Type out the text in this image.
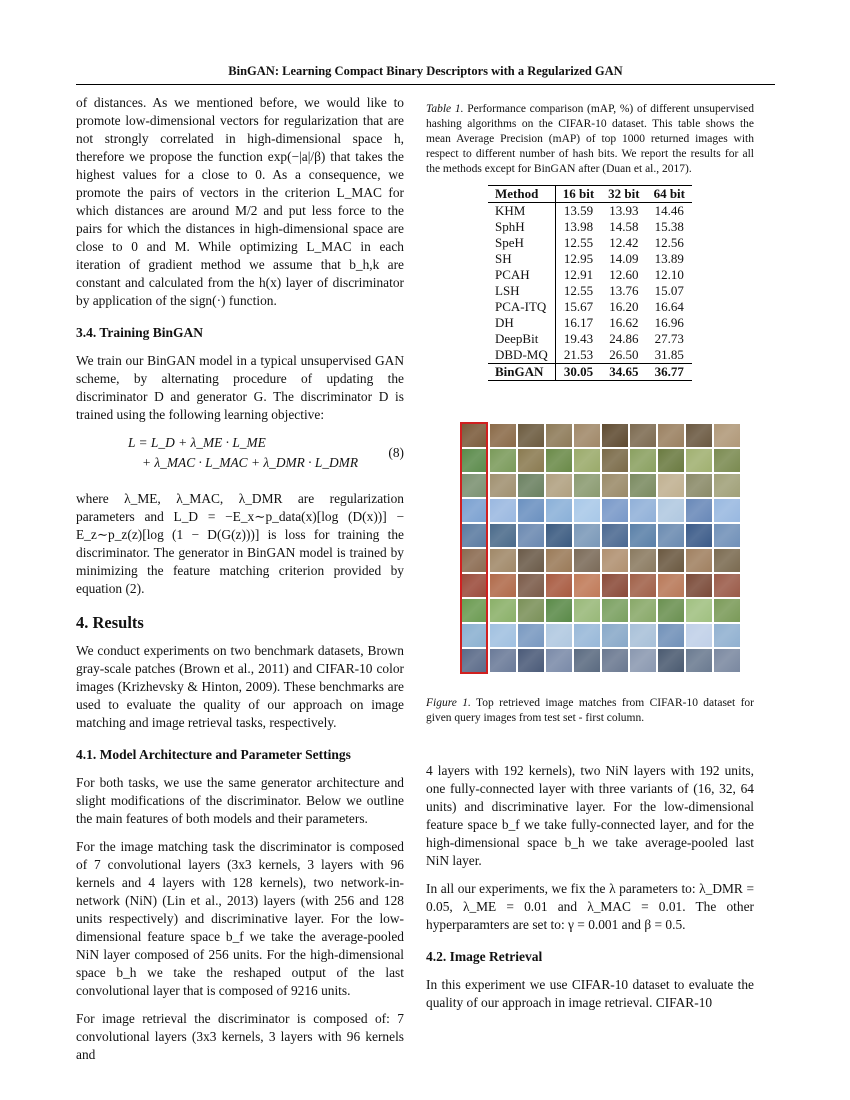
BinGAN: Learning Compact Binary Descriptors with a Regularized GAN

of distances. As we mentioned before, we would like to promote low-dimensional vectors for regularization that are not strongly correlated in high-dimensional space h, therefore we propose the function exp(−|a|/β) that takes the highest values for a close to 0. As a consequence, we promote the pairs of vectors in the criterion L_MAC for which distances are around M/2 and put less force to the pairs for which the distances in high-dimensional space are close to 0 and M. While optimizing L_MAC in each iteration of gradient method we assume that b_h,k are constant and calculated from the h(x) layer of discriminator by application of the sign(·) function.

3.4. Training BinGAN

We train our BinGAN model in a typical unsupervised GAN scheme, by alternating procedure of updating the discriminator D and generator G. The discriminator D is trained using the following learning objective:

L = L_D + λ_ME · L_ME
+ λ_MAC · L_MAC + λ_DMR · L_DMR
(8)

where λ_ME, λ_MAC, λ_DMR are regularization parameters and L_D = −E_x∼p_data(x)[log (D(x))] − E_z∼p_z(z)[log (1 − D(G(z)))] is loss for training the discriminator. The generator in BinGAN model is trained by minimizing the feature matching criterion provided by equation (2).

4. Results

We conduct experiments on two benchmark datasets, Brown gray-scale patches (Brown et al., 2011) and CIFAR-10 color images (Krizhevsky & Hinton, 2009). These benchmarks are used to evaluate the quality of our approach on image matching and image retrieval tasks, respectively.

4.1. Model Architecture and Parameter Settings

For both tasks, we use the same generator architecture and slight modifications of the discriminator. Below we outline the main features of both models and their parameters.

For the image matching task the discriminator is composed of 7 convolutional layers (3x3 kernels, 3 layers with 96 kernels and 4 layers with 128 kernels), two network-in-network (NiN) (Lin et al., 2013) layers (with 256 and 128 units respectively) and discriminative layer. For the low-dimensional feature space b_f we take the average-pooled NiN layer composed of 256 units. For the high-dimensional space b_h we take the reshaped output of the last convolutional layer that is composed of 9216 units.

For image retrieval the discriminator is composed of: 7 convolutional layers (3x3 kernels, 3 layers with 96 kernels and

Table 1. Performance comparison (mAP, %) of different unsupervised hashing algorithms on the CIFAR-10 dataset. This table shows the mean Average Precision (mAP) of top 1000 returned images with respect to different number of hash bits. We report the results for all the methods except for BinGAN after (Duan et al., 2017).
Method	16 bit	32 bit	64 bit
KHM	13.59	13.93	14.46
SphH	13.98	14.58	15.38
SpeH	12.55	12.42	12.56
SH	12.95	14.09	13.89
PCAH	12.91	12.60	12.10
LSH	12.55	13.76	15.07
PCA-ITQ	15.67	16.20	16.64
DH	16.17	16.62	16.96
DeepBit	19.43	24.86	27.73
DBD-MQ	21.53	26.50	31.85
BinGAN	30.05	34.65	36.77
Figure 1. Top retrieved image matches from CIFAR-10 dataset for given query images from test set - first column.

4 layers with 192 kernels), two NiN layers with 192 units, one fully-connected layer with three variants of (16, 32, 64 units) and discriminative layer. For the low-dimensional feature space b_f we take fully-connected layer, and for the high-dimensional space b_h we take average-pooled last NiN layer.

In all our experiments, we fix the λ parameters to: λ_DMR = 0.05, λ_ME = 0.01 and λ_MAC = 0.01. The other hyperparamters are set to: γ = 0.001 and β = 0.5.

4.2. Image Retrieval

In this experiment we use CIFAR-10 dataset to evaluate the quality of our approach in image retrieval. CIFAR-10
